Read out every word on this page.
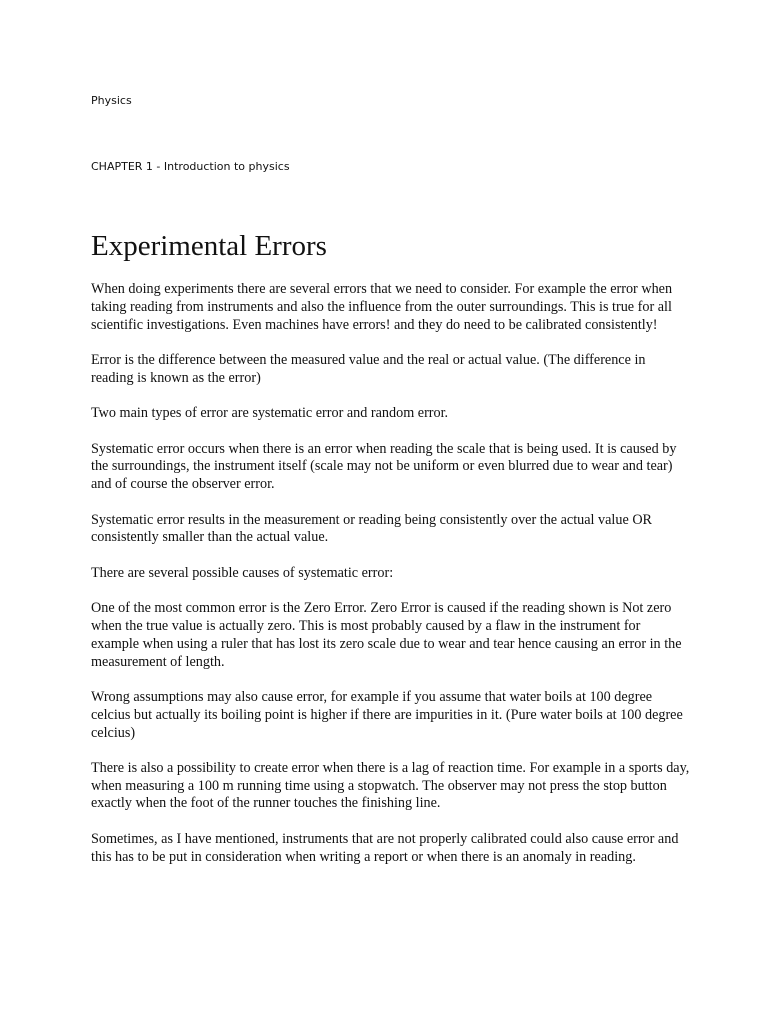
Physics
CHAPTER 1 - Introduction to physics
Experimental Errors

When doing experiments there are several errors that we need to consider. For example the error when taking reading from instruments and also the influence from the outer surroundings. This is true for all scientific investigations. Even machines have errors! and they do need to be calibrated consistently!

Error is the difference between the measured value and the real or actual value. (The difference in reading is known as the error)

Two main types of error are systematic error and random error.

Systematic error occurs when there is an error when reading the scale that is being used. It is caused by the surroundings, the instrument itself (scale may not be uniform or even blurred due to wear and tear) and of course the observer error.

Systematic error results in the measurement or reading being consistently over the actual value OR consistently smaller than the actual value.

There are several possible causes of systematic error:

One of the most common error is the Zero Error. Zero Error is caused if the reading shown is Not zero when the true value is actually zero. This is most probably caused by a flaw in the instrument for example when using a ruler that has lost its zero scale due to wear and tear hence causing an error in the measurement of length.

Wrong assumptions may also cause error, for example if you assume that water boils at 100 degree celcius but actually its boiling point is higher if there are impurities in it. (Pure water boils at 100 degree celcius)

There is also a possibility to create error when there is a lag of reaction time. For example in a sports day, when measuring a 100 m running time using a stopwatch. The observer may not press the stop button exactly when the foot of the runner touches the finishing line.

Sometimes, as I have mentioned, instruments that are not properly calibrated could also cause error and this has to be put in consideration when writing a report or when there is an anomaly in reading.
